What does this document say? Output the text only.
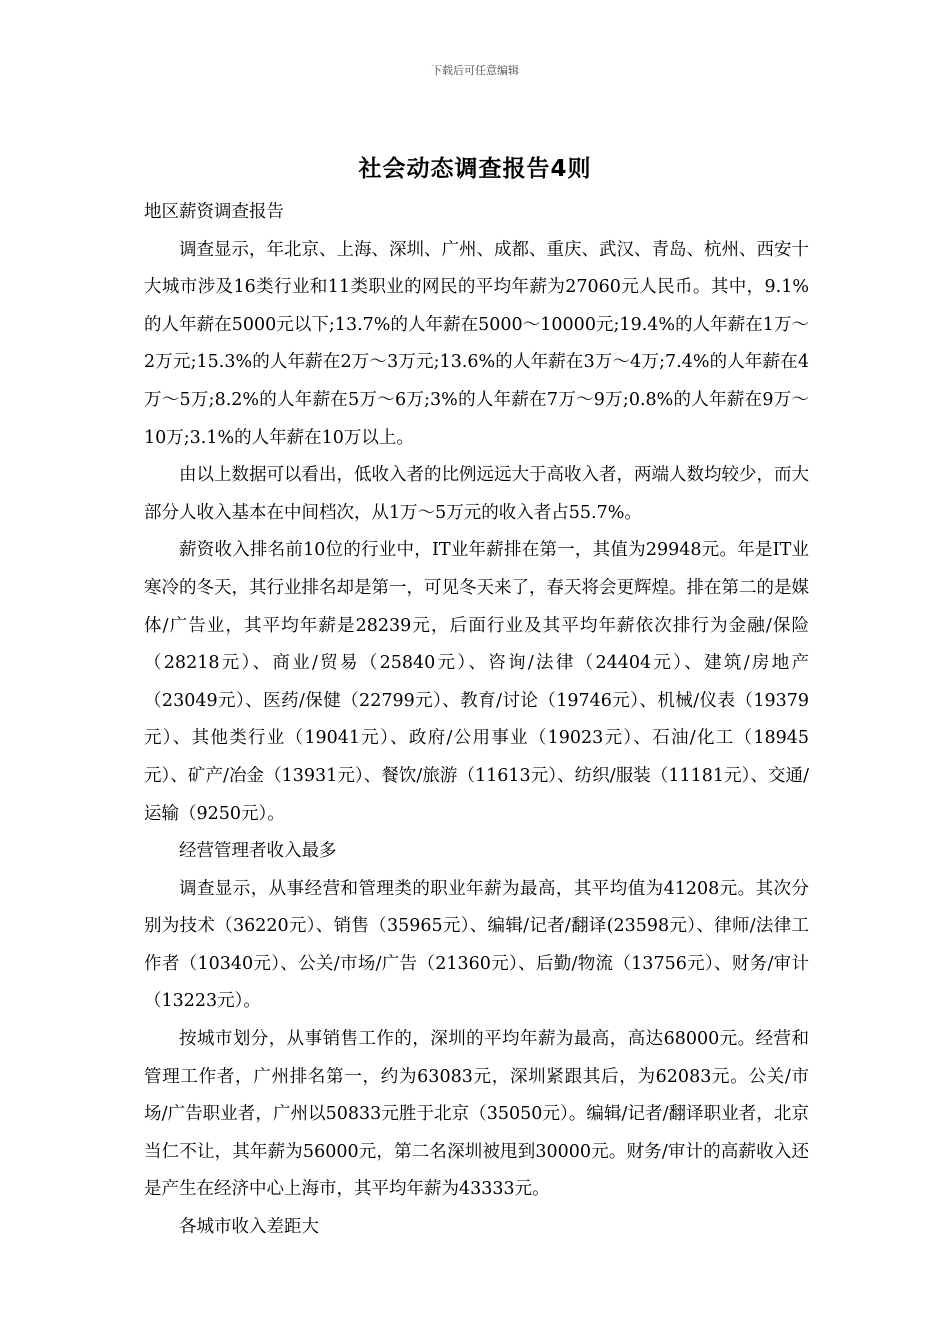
下载后可任意编辑
社会动态调查报告4则

地区薪资调查报告

调查显示，年北京、上海、深圳、广州、成都、重庆、武汉、青岛、杭州、西安十大城市涉及16类行业和11类职业的网民的平均年薪为27060元人民币。其中，9.1%的人年薪在5000元以下;13.7%的人年薪在5000～10000元;19.4%的人年薪在1万～2万元;15.3%的人年薪在2万～3万元;13.6%的人年薪在3万～4万;7.4%的人年薪在4万～5万;8.2%的人年薪在5万～6万;3%的人年薪在7万～9万;0.8%的人年薪在9万～10万;3.1%的人年薪在10万以上。

由以上数据可以看出，低收入者的比例远远大于高收入者，两端人数均较少，而大部分人收入基本在中间档次，从1万～5万元的收入者占55.7%。

薪资收入排名前10位的行业中，IT业年薪排在第一，其值为29948元。年是IT业寒冷的冬天，其行业排名却是第一，可见冬天来了，春天将会更辉煌。排在第二的是媒体/广告业，其平均年薪是28239元，后面行业及其平均年薪依次排行为金融/保险（28218元）、商业/贸易（25840元）、咨询/法律（24404元）、建筑/房地产（23049元）、医药/保健（22799元）、教育/讨论（19746元）、机械/仪表（19379元）、其他类行业（19041元）、政府/公用事业（19023元）、石油/化工（18945元）、矿产/冶金（13931元）、餐饮/旅游（11613元）、纺织/服装（11181元）、交通/运输（9250元）。

经营管理者收入最多

调查显示，从事经营和管理类的职业年薪为最高，其平均值为41208元。其次分别为技术（36220元）、销售（35965元）、编辑/记者/翻译(23598元）、律师/法律工作者（10340元）、公关/市场/广告（21360元）、后勤/物流（13756元）、财务/审计（13223元）。

按城市划分，从事销售工作的，深圳的平均年薪为最高，高达68000元。经营和管理工作者，广州排名第一，约为63083元，深圳紧跟其后，为62083元。公关/市场/广告职业者，广州以50833元胜于北京（35050元）。编辑/记者/翻译职业者，北京当仁不让，其年薪为56000元，第二名深圳被甩到30000元。财务/审计的高薪收入还是产生在经济中心上海市，其平均年薪为43333元。

各城市收入差距大
